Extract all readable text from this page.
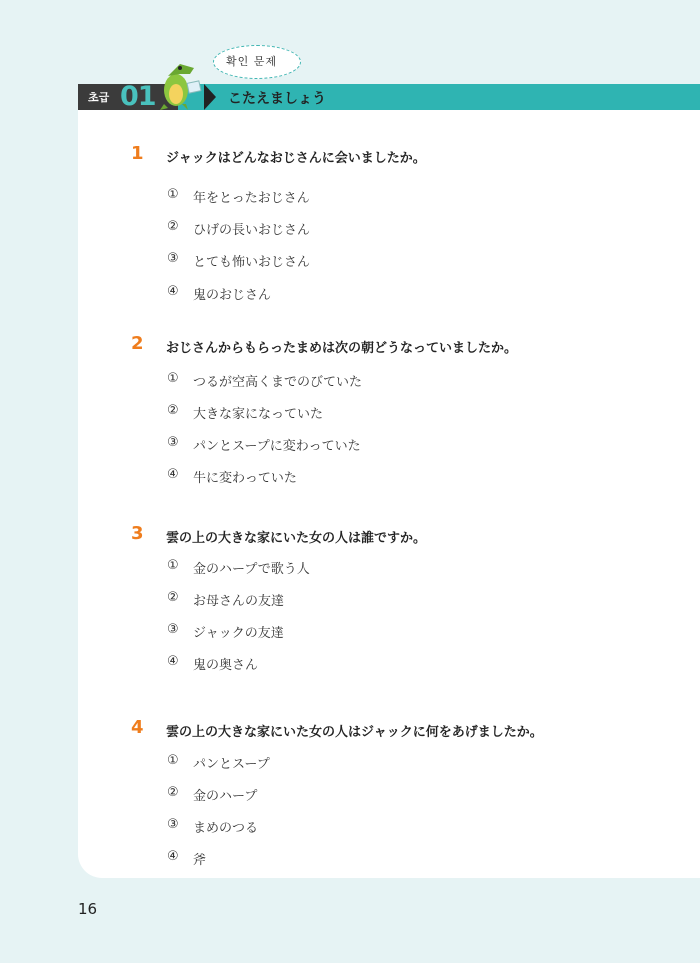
초급 01	こたえましょう
확인 문제
1 ジャックはどんなおじさんに会いましたか。
① 年をとったおじさん
② ひげの長いおじさん
③ とても怖いおじさん
④ 鬼のおじさん
2 おじさんからもらったまめは次の朝どうなっていましたか。
① つるが空高くまでのびていた
② 大きな家になっていた
③ パンとスープに変わっていた
④ 牛に変わっていた
3 雲の上の大きな家にいた女の人は誰ですか。
① 金のハープで歌う人
② お母さんの友達
③ ジャックの友達
④ 鬼の奥さん
4 雲の上の大きな家にいた女の人はジャックに何をあげましたか。
① パンとスープ
② 金のハープ
③ まめのつる
④ 斧
16
